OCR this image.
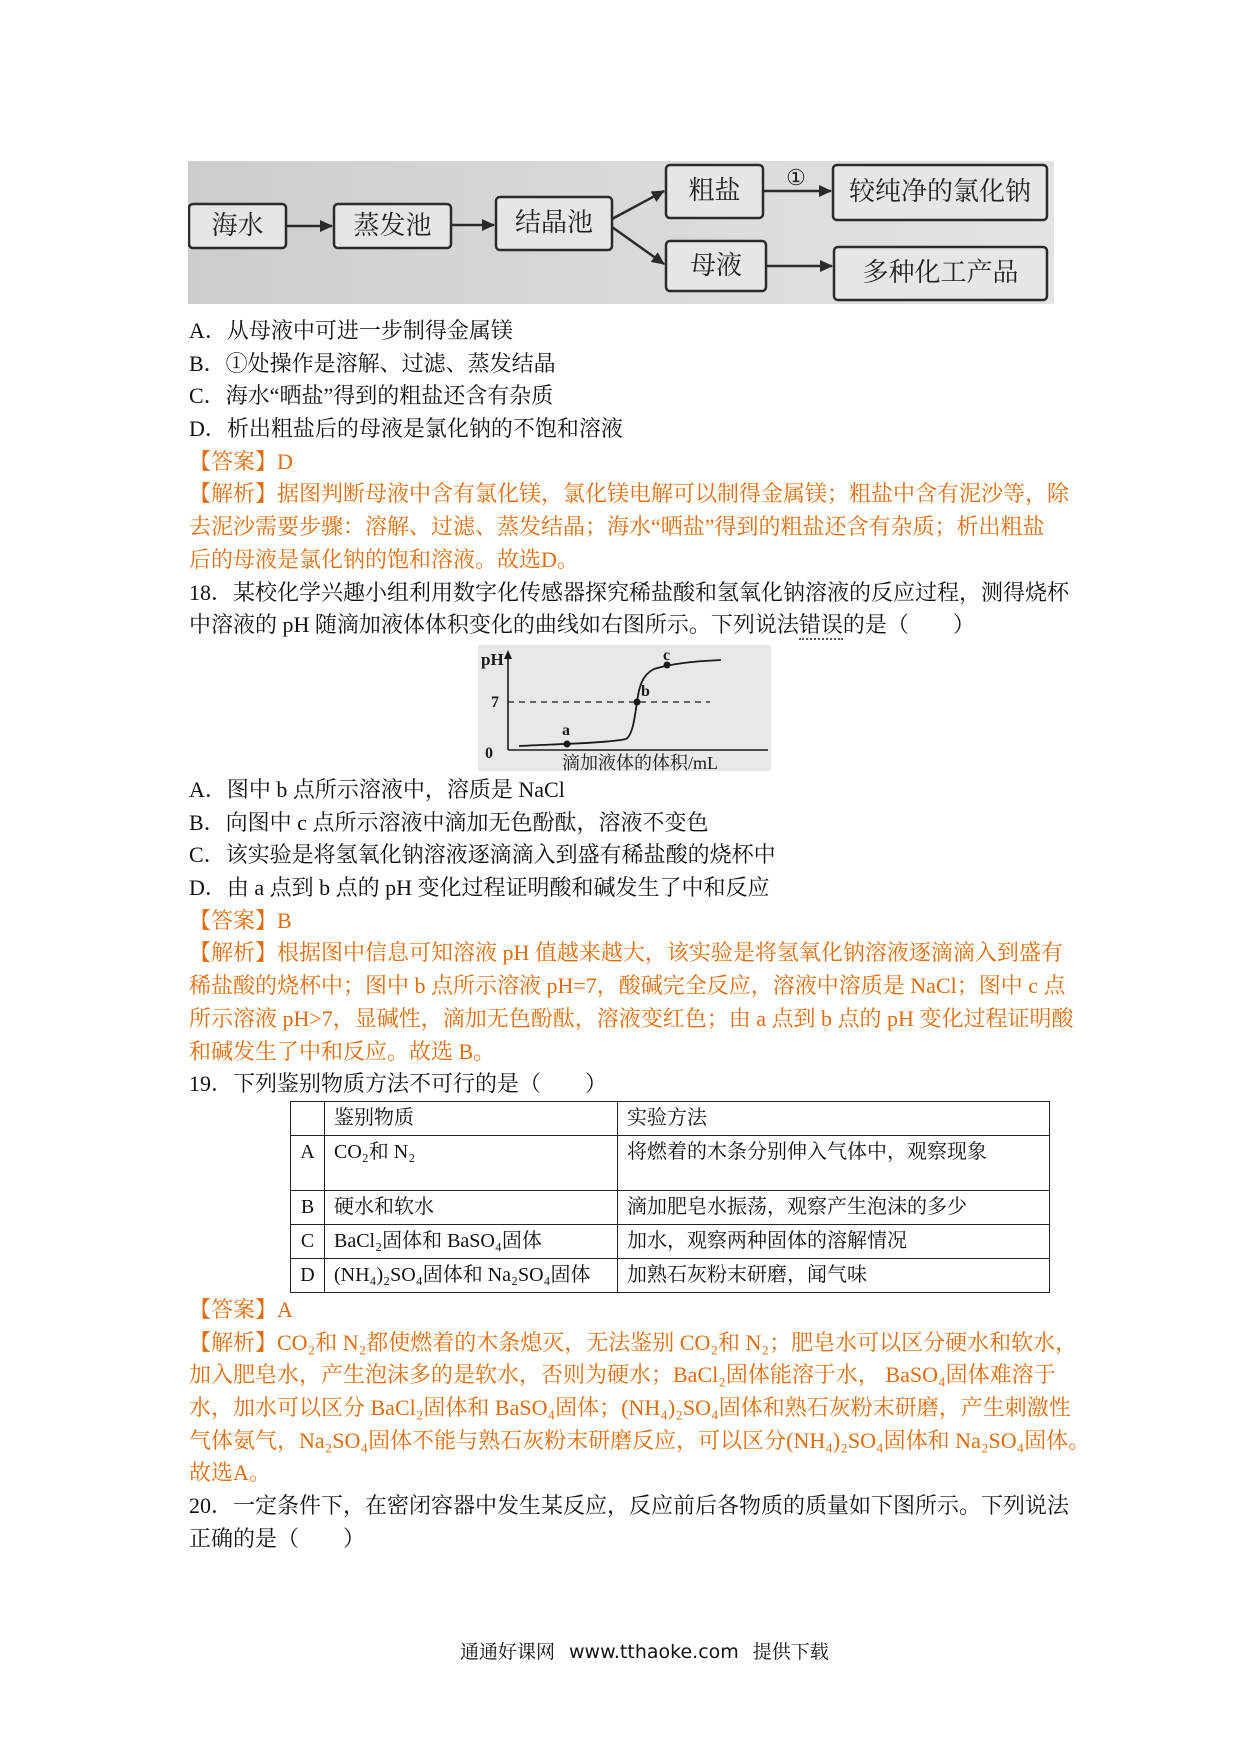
海水	蒸发池	结晶池
粗盐	较纯净的氯化钠
母液	多种化工产品
①
A．从母液中可进一步制得金属镁
B．①处操作是溶解、过滤、蒸发结晶
C．海水“晒盐”得到的粗盐还含有杂质
D．析出粗盐后的母液是氯化钠的不饱和溶液
【答案】D
【解析】据图判断母液中含有氯化镁，氯化镁电解可以制得金属镁；粗盐中含有泥沙等，除
去泥沙需要步骤：溶解、过滤、蒸发结晶；海水“晒盐”得到的粗盐还含有杂质；析出粗盐
后的母液是氯化钠的饱和溶液。故选D。
18．某校化学兴趣小组利用数字化传感器探究稀盐酸和氢氧化钠溶液的反应过程，测得烧杯
中溶液的 pH 随滴加液体体积变化的曲线如右图所示。下列说法错误的是（　　）
pH
7
0
a
b
c
滴加液体的体积/mL
A．图中 b 点所示溶液中，溶质是 NaCl
B．向图中 c 点所示溶液中滴加无色酚酞，溶液不变色
C．该实验是将氢氧化钠溶液逐滴滴入到盛有稀盐酸的烧杯中
D．由 a 点到 b 点的 pH 变化过程证明酸和碱发生了中和反应
【答案】B
【解析】根据图中信息可知溶液 pH 值越来越大，该实验是将氢氧化钠溶液逐滴滴入到盛有
稀盐酸的烧杯中；图中 b 点所示溶液 pH=7，酸碱完全反应，溶液中溶质是 NaCl；图中 c 点
所示溶液 pH>7，显碱性，滴加无色酚酞，溶液变红色；由 a 点到 b 点的 pH 变化过程证明酸
和碱发生了中和反应。故选 B。
19．下列鉴别物质方法不可行的是（　　）
	鉴别物质	实验方法
A	CO₂和 N₂	将燃着的木条分别伸入气体中，观察现象
B	硬水和软水	滴加肥皂水振荡，观察产生泡沫的多少
C	BaCl₂固体和 BaSO₄固体	加水，观察两种固体的溶解情况
D	(NH₄)₂SO₄固体和 Na₂SO₄固体	加熟石灰粉末研磨，闻气味
【答案】A
【解析】CO₂和 N₂都使燃着的木条熄灭，无法鉴别 CO₂和 N₂；肥皂水可以区分硬水和软水，
加入肥皂水，产生泡沫多的是软水，否则为硬水；BaCl₂固体能溶于水， BaSO₄固体难溶于
水，加水可以区分 BaCl₂固体和 BaSO₄固体；(NH₄)₂SO₄固体和熟石灰粉末研磨，产生刺激性
气体氨气，Na₂SO₄固体不能与熟石灰粉末研磨反应，可以区分(NH₄)₂SO₄固体和 Na₂SO₄固体。
故选A。
20．一定条件下，在密闭容器中发生某反应，反应前后各物质的质量如下图所示。下列说法
正确的是（　　）
通通好课网 www.tthaoke.com 提供下载
